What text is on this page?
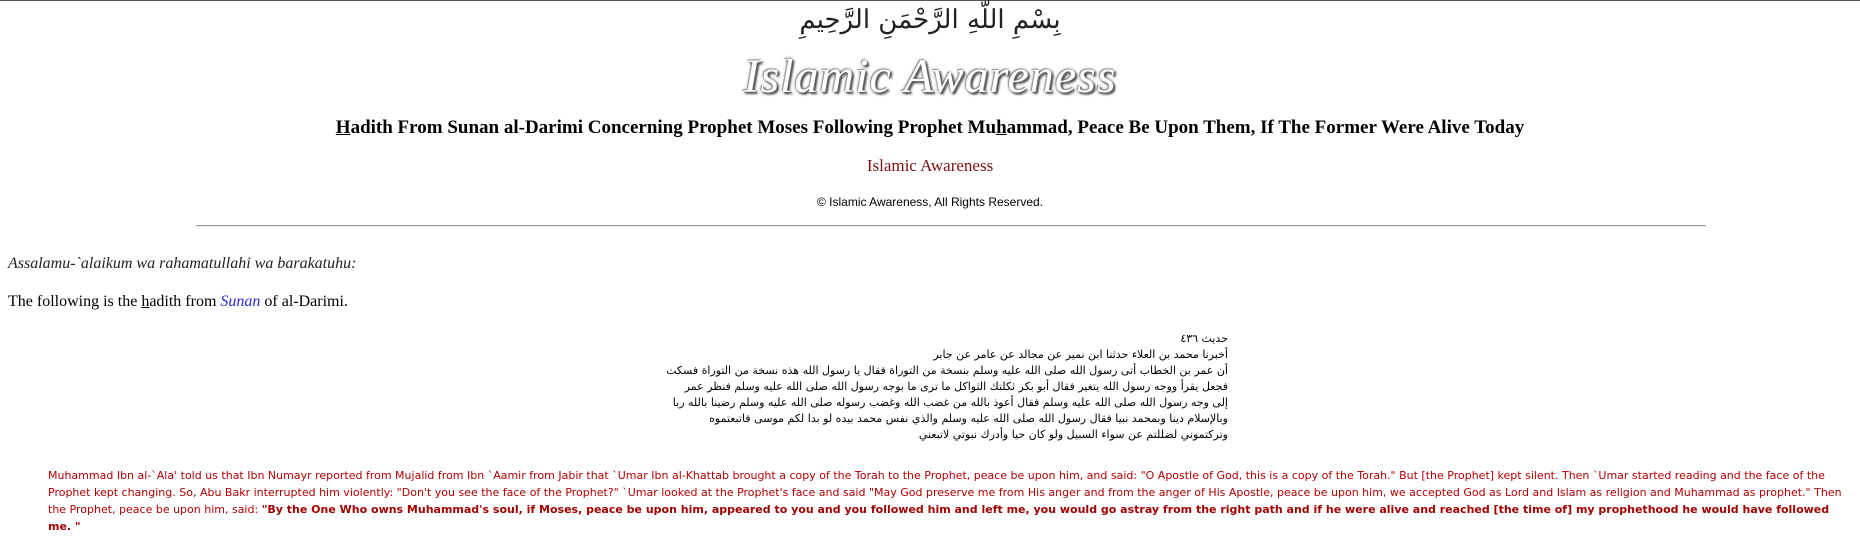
بِسْمِ اللَّهِ الرَّحْمَنِ الرَّحِيمِ
Islamic Awareness
Hadith From Sunan al-Darimi Concerning Prophet Moses Following Prophet Muhammad, Peace Be Upon Them, If The Former Were Alive Today
Islamic Awareness
© Islamic Awareness, All Rights Reserved.
Assalamu-`alaikum wa rahamatullahi wa barakatuhu:
The following is the hadith from Sunan of al-Darimi.
حديث ٤٣٦
أخبرنا محمد بن العلاء حدثنا ابن نمير عن مجالد عن عامر عن جابر
أن عمر بن الخطاب أتى رسول الله صلى الله عليه وسلم بنسخة من التوراة فقال يا رسول الله هذه نسخة من التوراة فسكت
فجعل يقرأ ووجه رسول الله يتغير فقال أبو بكر ثكلتك الثواكل ما ترى ما بوجه رسول الله صلى الله عليه وسلم فنظر عمر
إلى وجه رسول الله صلى الله عليه وسلم فقال أعوذ بالله من غضب الله وغضب رسوله صلى الله عليه وسلم رضينا بالله ربا
وبالإسلام دينا وبمحمد نبيا فقال رسول الله صلى الله عليه وسلم والذي نفس محمد بيده لو بدا لكم موسى فاتبعتموه
وتركتموني لضللتم عن سواء السبيل ولو كان حيا وأدرك نبوتي لاتبعني
Muhammad Ibn al-`Ala' told us that Ibn Numayr reported from Mujalid from Ibn `Aamir from Jabir that `Umar Ibn al-Khattab brought a copy of the Torah to the Prophet, peace be upon him, and said: "O Apostle of God, this is a copy of the Torah." But [the Prophet] kept silent. Then `Umar started reading and the face of the Prophet kept changing. So, Abu Bakr interrupted him violently: "Don't you see the face of the Prophet?" `Umar looked at the Prophet's face and said "May God preserve me from His anger and from the anger of His Apostle, peace be upon him, we accepted God as Lord and Islam as religion and Muhammad as prophet." Then the Prophet, peace be upon him, said: "By the One Who owns Muhammad's soul, if Moses, peace be upon him, appeared to you and you followed him and left me, you would go astray from the right path and if he were alive and reached [the time of] my prophethood he would have followed me. "
